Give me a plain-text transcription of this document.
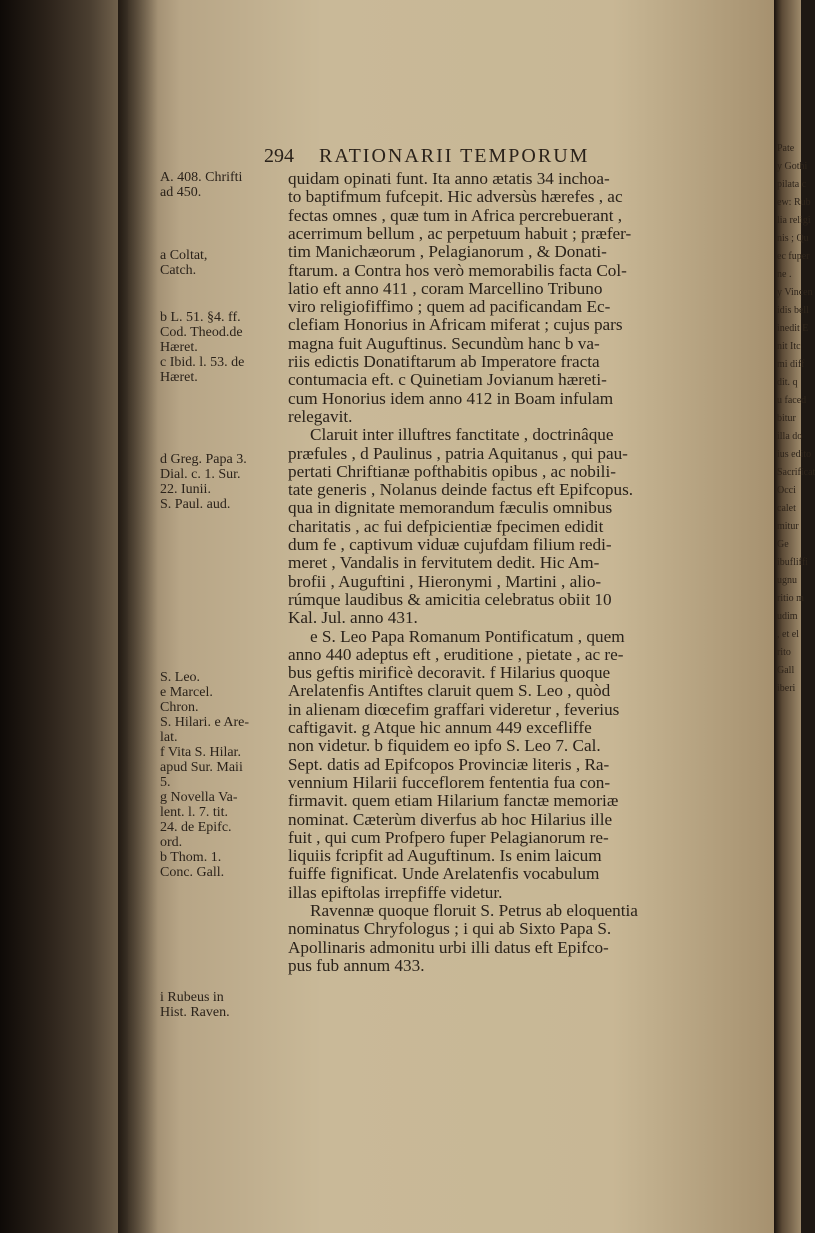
Pate
y Gothi
pilata c
ew: Rub
lia religi
nis ; Qu
ec fuper
ne .
y Vincen
idis bell
inedit E
nit Itc
mi diff
dit. q
u faced
bitur
illa do
ius edito
Sacrificat
Occi
calet
mitur
Ge
ibufliffi
ugnu
ritio m
udim
, et el
rito
Gall
iberi
294 RATIONARII TEMPORUM
A. 408. Chrifti
ad 450.
a Coltat,
Catch.
b L. 51. §4. ff.
Cod. Theod.de
Hæret.
c Ibid. l. 53. de
Hæret.
d Greg. Papa 3.
Dial. c. 1. Sur.
22. Iunii.
S. Paul. aud.
S. Leo.
e Marcel.
Chron.
S. Hilari. e Are-
lat.
f Vita S. Hilar.
apud Sur. Maii
5.
g Novella Va-
lent. l. 7. tit.
24. de Epifc.
ord.
b Thom. 1.
Conc. Gall.
i Rubeus in
Hist. Raven.
quidam opinati funt. Ita anno ætatis 34 inchoa-
to baptifmum fufcepit. Hic adversùs hærefes , ac
fectas omnes , quæ tum in Africa percrebuerant ,
acerrimum bellum , ac perpetuum habuit ; præfer-
tim Manichæorum , Pelagianorum , & Donati-
ftarum. a Contra hos verò memorabilis facta Col-
latio eft anno 411 , coram Marcellino Tribuno
viro religiofiffimo ; quem ad pacificandam Ec-
clefiam Honorius in Africam miferat ; cujus pars
magna fuit Auguftinus. Secundùm hanc b va-
riis edictis Donatiftarum ab Imperatore fracta
contumacia eft. c Quinetiam Jovianum hæreti-
cum Honorius idem anno 412 in Boam infulam
relegavit.
Claruit inter illuftres fanctitate , doctrinâque
præfules , d Paulinus , patria Aquitanus , qui pau-
pertati Chriftianæ pofthabitis opibus , ac nobili-
tate generis , Nolanus deinde factus eft Epifcopus.
qua in dignitate memorandum fæculis omnibus
charitatis , ac fui defpicientiæ fpecimen edidit
dum fe , captivum viduæ cujufdam filium redi-
meret , Vandalis in fervitutem dedit. Hic Am-
brofii , Auguftini , Hieronymi , Martini , alio-
rúmque laudibus & amicitia celebratus obiit 10
Kal. Jul. anno 431.
e S. Leo Papa Romanum Pontificatum , quem
anno 440 adeptus eft , eruditione , pietate , ac re-
bus geftis mirificè decoravit. f Hilarius quoque
Arelatenfis Antiftes claruit quem S. Leo , quòd
in alienam diœcefim graffari videretur , feverius
caftigavit. g Atque hic annum 449 excefliffe
non videtur. b fiquidem eo ipfo S. Leo 7. Cal.
Sept. datis ad Epifcopos Provinciæ literis , Ra-
vennium Hilarii fucceflorem fententia fua con-
firmavit. quem etiam Hilarium fanctæ memoriæ
nominat. Cæterùm diverfus ab hoc Hilarius ille
fuit , qui cum Profpero fuper Pelagianorum re-
liquiis fcripfit ad Auguftinum. Is enim laicum
fuiffe fignificat. Unde Arelatenfis vocabulum
illas epiftolas irrepfiffe videtur.
Ravennæ quoque floruit S. Petrus ab eloquentia
nominatus Chryfologus ; i qui ab Sixto Papa S.
Apollinaris admonitu urbi illi datus eft Epifco-
pus fub annum 433.
